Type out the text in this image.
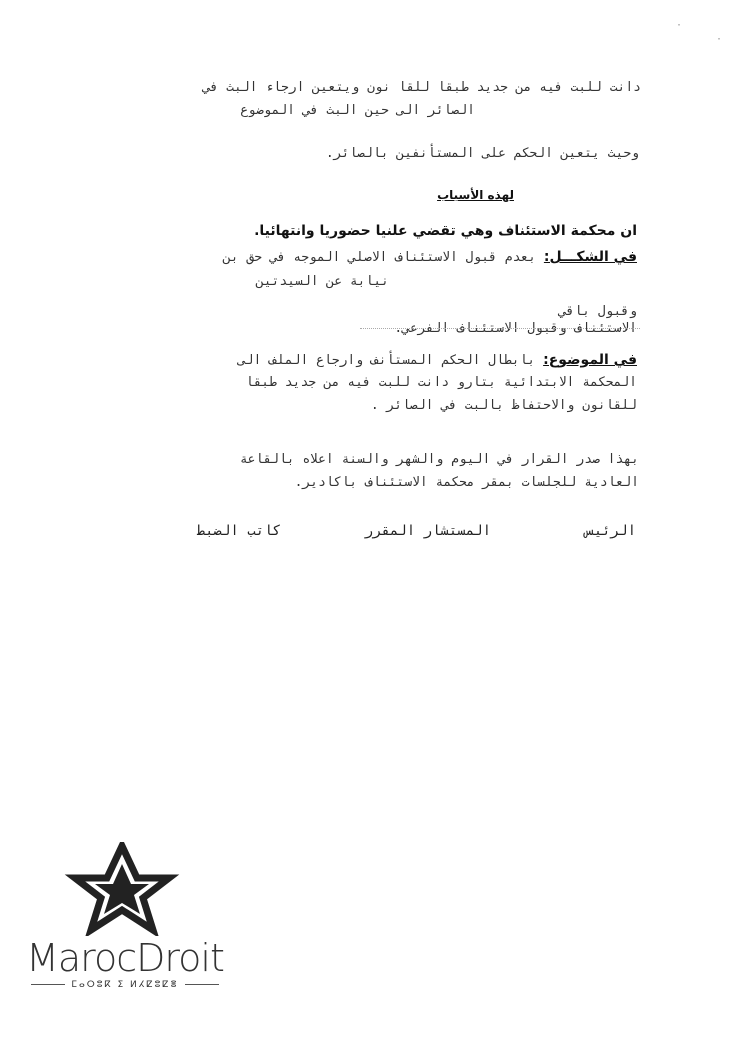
دانت للبت فيه من جديد طبقا للقا نون ويتعين ارجاء البث في
الصائر الى حين البث في الموضوع
وحيث يتعين الحكم على المستأنفين بالصائر.
لهذه الأسباب
ان محكمة الاستئناف وهي تقضي علنيا حضوريا وانتهائيا.
في الشكـــل: بعدم قبول الاستئناف الاصلي الموجه في حق بن
نيابة عن السيدتين
وقبول باقي
الاستئناف وقبول الاستئناف الفرعي.
في الموضوع: بابطال الحكم المستأنف وارجاع الملف الى
المحكمة الابتدائية بتارو دانت للبت فيه من جديد طبقا
للقانون والاحتفاظ بالبت في الصائر .
بهذا صدر القرار في اليوم والشهر والسنة اعلاه بالقاعة
العادية للجلسات بمقر محكمة الاستئناف باكادير.
الرئيس
المستشار المقرر
كاتب الضبط
·
·
MarocDroit
ⵎⴰⵔⵓⴽ ⵉ ⵍⵃⵇⵓⵇⴻ
